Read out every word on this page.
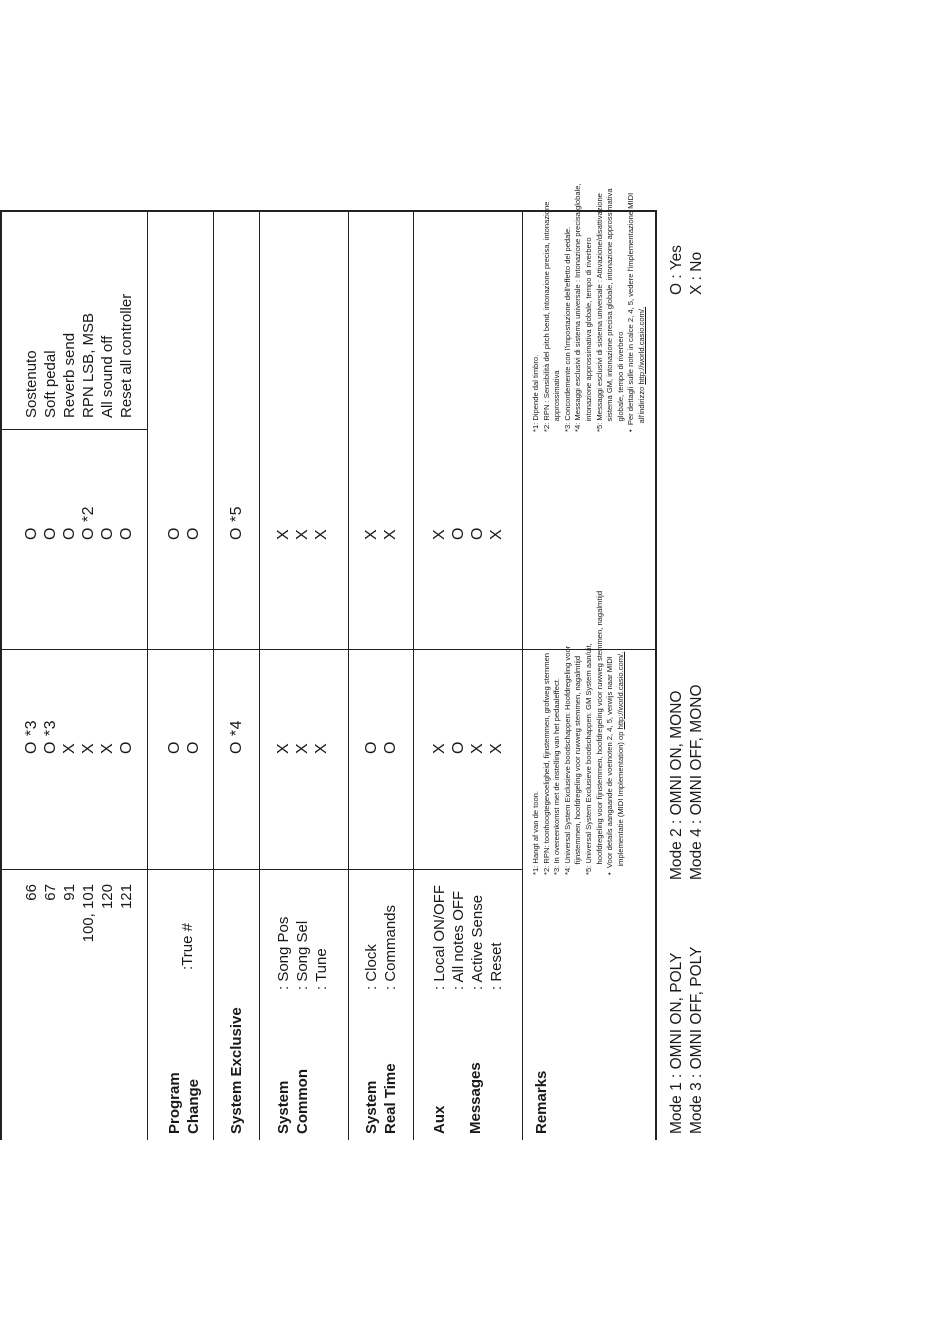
66 67 91 100, 101 120 121
O *3 O *3 X X X O
O O O O *2 O O
Sostenuto Soft pedal Reverb send RPN LSB, MSB All sound off Reset all controller
Program Change
:True #
O O
O O
System Exclusive
O *4
O *5
System Common
: Song Pos : Song Sel : Tune
X X X
X X X
System Real Time
: Clock : Commands
O O
X X
Aux Messages
: Local ON/OFF : All notes OFF : Active Sense : Reset
X O X X
X O O X
Remarks
*1: Hangt af van de toon. *2: RPN: toonhoogtegevoeligheid, fijnstemmen, grofweg stemmen *3: In overeenkomst met de instelling van het pedaaleffect. *4: Universal System Exclusieve boodschappen: Hoofdregeling voor fijnstemmen, hoofdregeling voor ruwweg stemmen, nagalmtijd *5: Universal System Exclusieve boodschappen: GM System aan/uit, hoofdregeling voor fijnstemmen, hoofdregeling voor ruwweg stemmen, nagalmtijd •  Voor details aangaande de voetnoten 2, 4, 5, verwijs naar MIDI implementatie (MIDI Implementation) op http://world.casio.com/.
*1: Dipende dal timbro. *2: RPN : Sensibilità del pitch bend, intonazione precisa, intonazione approssimativa *3: Concordemente con l'impostazione dell'effetto del pedale. *4: Messaggi esclusivi di sistema universale : Intonazione precisa globale, intonazione approssimativa globale, tempo di riverbero *5: Messaggi esclusivi di sistema universale : Attivazione/disattivazione sistema GM, intonazione precisa globale, intonazione approssimativa globale, tempo di riverbero •  Per dettagli sulle note in calce 2, 4, 5, vedere l'implementazione MIDI all'indirizzo http://world.casio.com/.
Mode 1 : OMNI ON, POLY Mode 3 : OMNI OFF, POLY
Mode 2 : OMNI ON, MONO Mode 4 : OMNI OFF, MONO
O : Yes X : No
